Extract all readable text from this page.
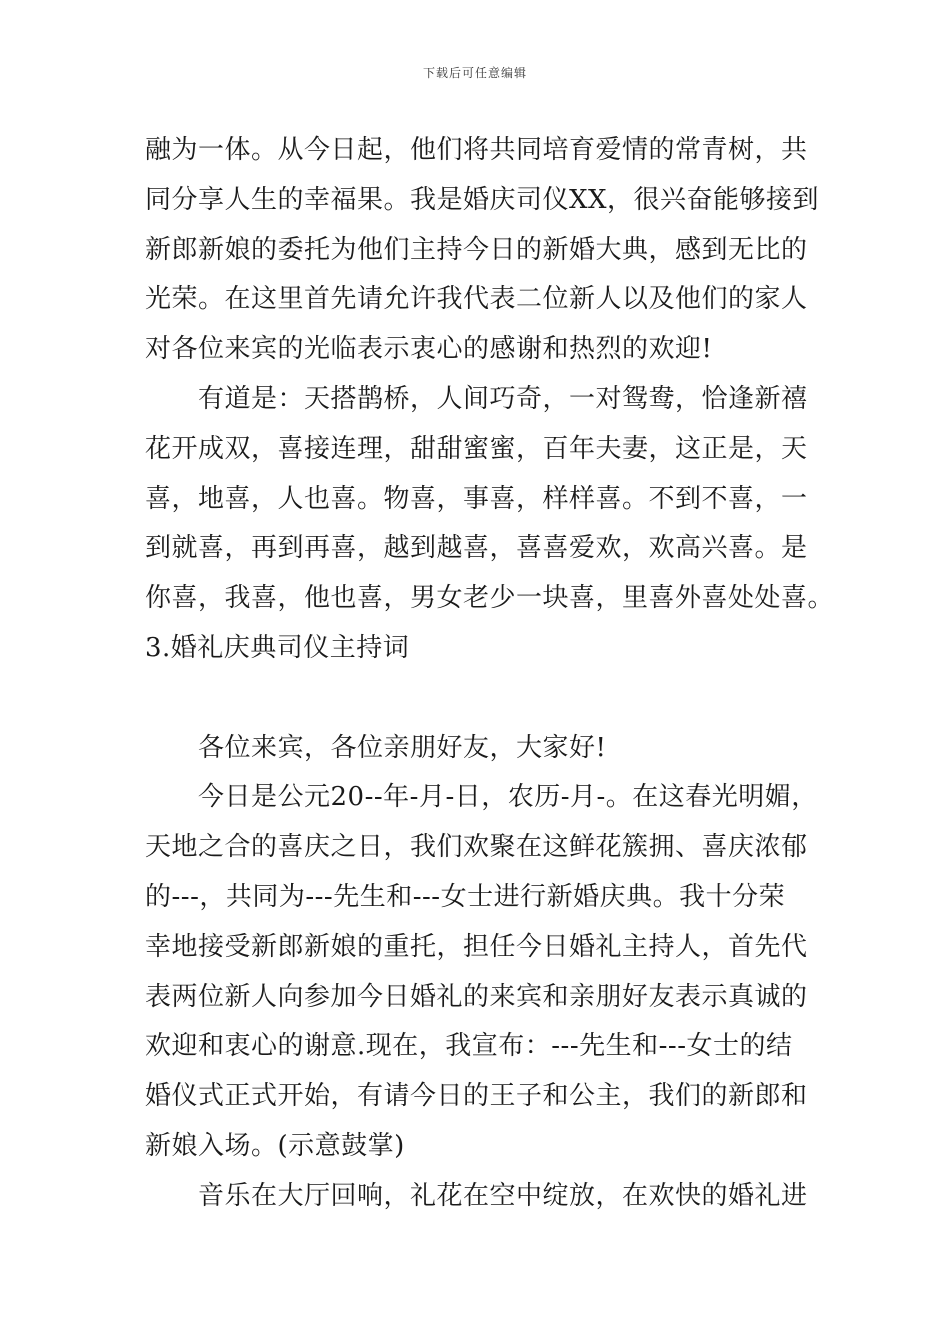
下载后可任意编辑
融为一体。从今日起，他们将共同培育爱情的常青树，共
同分享人生的幸福果。我是婚庆司仪XX，很兴奋能够接到
新郎新娘的委托为他们主持今日的新婚大典，感到无比的
光荣。在这里首先请允许我代表二位新人以及他们的家人
对各位来宾的光临表示衷心的感谢和热烈的欢迎!
有道是：天搭鹊桥，人间巧奇，一对鸳鸯，恰逢新禧
花开成双，喜接连理，甜甜蜜蜜，百年夫妻，这正是，天
喜，地喜，人也喜。物喜，事喜，样样喜。不到不喜，一
到就喜，再到再喜，越到越喜，喜喜爱欢，欢高兴喜。是
你喜，我喜，他也喜，男女老少一块喜，里喜外喜处处喜。
3.婚礼庆典司仪主持词
各位来宾，各位亲朋好友，大家好!
今日是公元20--年-月-日，农历-月-。在这春光明媚，
天地之合的喜庆之日，我们欢聚在这鲜花簇拥、喜庆浓郁
的---，共同为---先生和---女士进行新婚庆典。我十分荣
幸地接受新郎新娘的重托，担任今日婚礼主持人，首先代
表两位新人向参加今日婚礼的来宾和亲朋好友表示真诚的
欢迎和衷心的谢意.现在，我宣布：---先生和---女士的结
婚仪式正式开始，有请今日的王子和公主，我们的新郎和
新娘入场。(示意鼓掌)
音乐在大厅回响，礼花在空中绽放，在欢快的婚礼进
